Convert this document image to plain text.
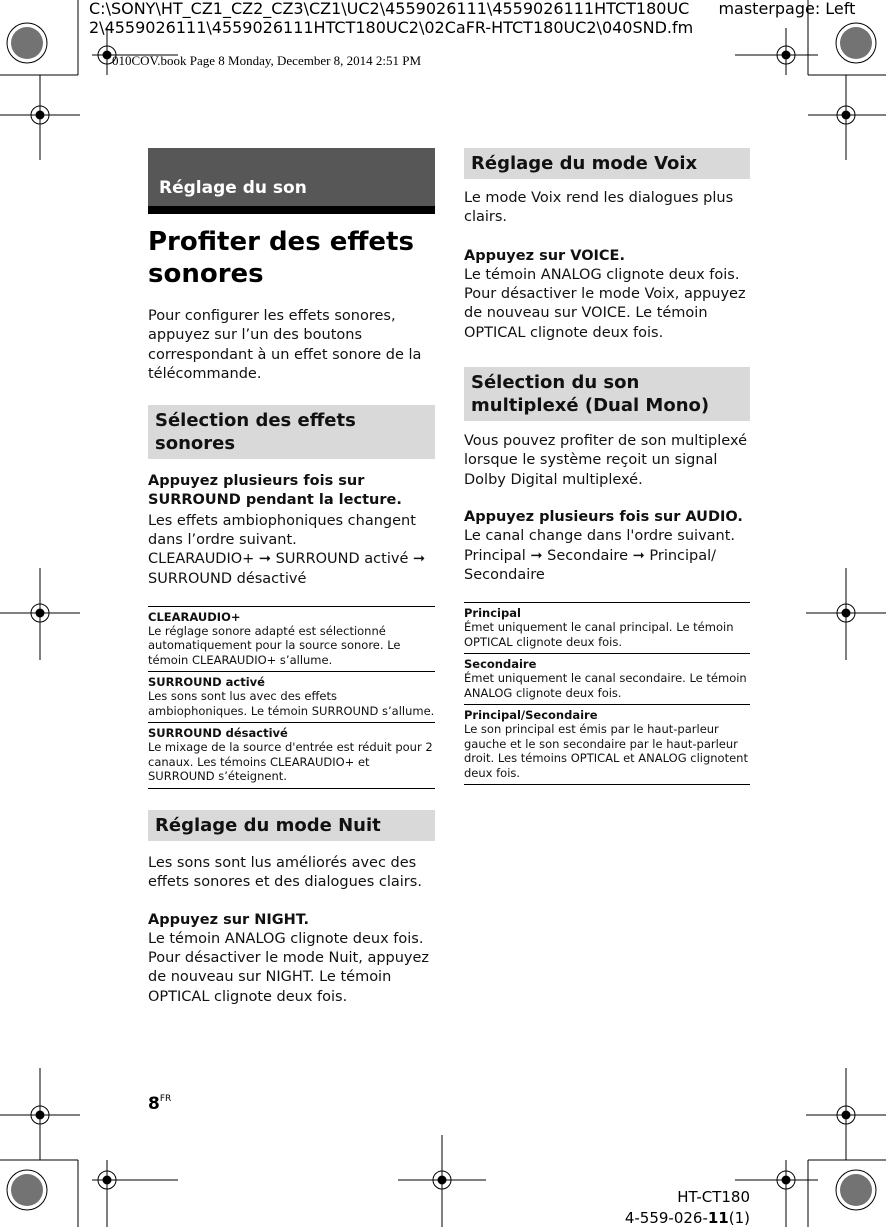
C:\SONY\HT_CZ1_CZ2_CZ3\CZ1\UC2\4559026111\4559026111HTCT180UC masterpage: Left
2\4559026111\4559026111HTCT180UC2\02CaFR-HTCT180UC2\040SND.fm
010COV.book Page 8 Monday, December 8, 2014 2:51 PM
Réglage du son
Profiter des effets sonores

Pour configurer les effets sonores, appuyez sur l’un des boutons correspondant à un effet sonore de la télécommande.

Sélection des effets sonores

Appuyez plusieurs fois sur SURROUND pendant la lecture.

Les effets ambiophoniques changent dans l’ordre suivant.

CLEARAUDIO+ ➞ SURROUND activé ➞ SURROUND désactivé

CLEARAUDIO+
Le réglage sonore adapté est sélectionné automatiquement pour la source sonore. Le témoin CLEARAUDIO+ s’allume.
SURROUND activé
Les sons sont lus avec des effets ambiophoniques. Le témoin SURROUND s’allume.
SURROUND désactivé
Le mixage de la source d'entrée est réduit pour 2 canaux. Les témoins CLEARAUDIO+ et SURROUND s’éteignent.
Réglage du mode Nuit

Les sons sont lus améliorés avec des effets sonores et des dialogues clairs.

Appuyez sur NIGHT.

Le témoin ANALOG clignote deux fois. Pour désactiver le mode Nuit, appuyez de nouveau sur NIGHT. Le témoin OPTICAL clignote deux fois.

Réglage du mode Voix

Le mode Voix rend les dialogues plus clairs.

Appuyez sur VOICE.

Le témoin ANALOG clignote deux fois. Pour désactiver le mode Voix, appuyez de nouveau sur VOICE. Le témoin OPTICAL clignote deux fois.

Sélection du son multiplexé (Dual Mono)

Vous pouvez profiter de son multiplexé lorsque le système reçoit un signal Dolby Digital multiplexé.

Appuyez plusieurs fois sur AUDIO.

Le canal change dans l'ordre suivant.

Principal ➞ Secondaire ➞ Principal/ Secondaire

Principal
Émet uniquement le canal principal. Le témoin OPTICAL clignote deux fois.
Secondaire
Émet uniquement le canal secondaire. Le témoin ANALOG clignote deux fois.
Principal/Secondaire
Le son principal est émis par le haut-parleur gauche et le son secondaire par le haut-parleur droit. Les témoins OPTICAL et ANALOG clignotent deux fois.
$8^{FR}$
HT-CT180
4-559-026-11(1)
